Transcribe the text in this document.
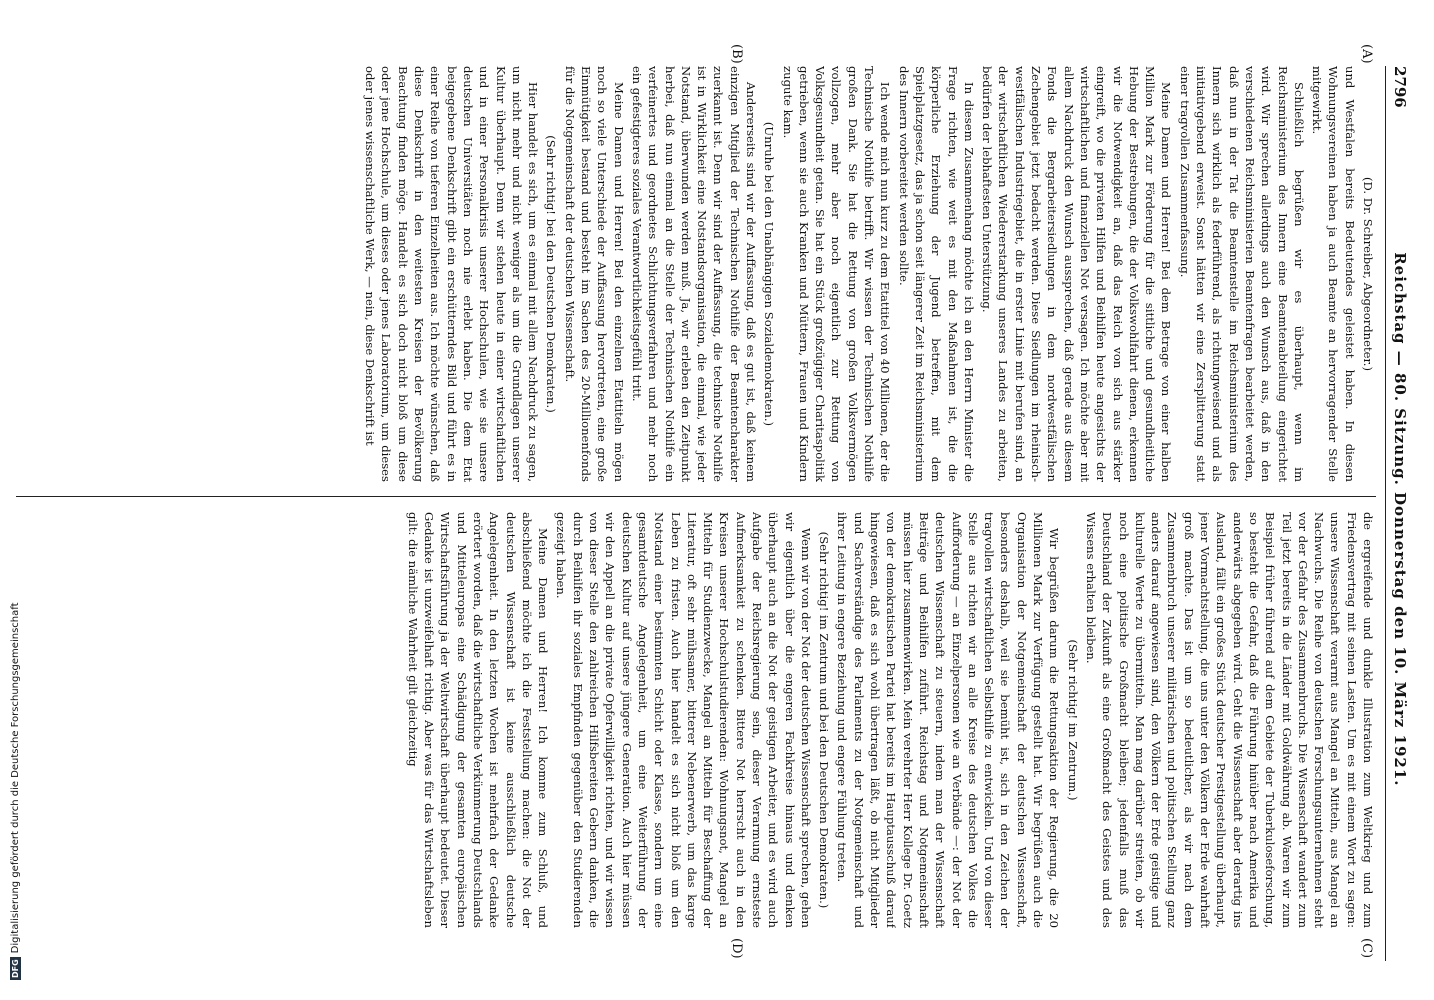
2796
Reichstag — 80. Sitzung. Donnerstag den 10. März 1921.
(A)
(B)
(C)
(D)

(D. Dr. Schreiber, Abgeordneter.)

und Westfalen bereits Bedeutendes geleistet haben. In diesen Wohnungsvereinen haben ja auch Beamte an hervorragender Stelle mitgewirkt.

Schließlich begrüßen wir es überhaupt, wenn im Reichsministerium des Innern eine Beamtenabteilung eingerichtet wird. Wir sprechen allerdings auch den Wunsch aus, daß in den verschiedenen Reichsministerien Beamtenfragen bearbeitet werden, daß nun in der Tat die Beamtenstelle im Reichsministerium des Innern sich wirklich als federführend, als richtungweisend und als initiativgebend erweist. Sonst hätten wir eine Zersplitterung statt einer tragvollen Zusammenfassung.

Meine Damen und Herren! Bei dem Betrage von einer halben Million Mark zur Förderung für die sittliche und gesundheitliche Hebung der Bestrebungen, die der Volkswohlfahrt dienen, erkennen wir die Notwendigkeit an, daß das Reich von sich aus stärker eingreift, wo die privaten Hilfen und Beihilfen heute angesichts der wirtschaftlichen und finanziellen Not versagen. Ich möchte aber mit allem Nachdruck den Wunsch aussprechen, daß gerade aus diesem Fonds die Bergarbeitersiedlungen in dem nordwestfälischen Zechengebiet jetzt bedacht werden. Diese Siedlungen im rheinisch-westfälischen Industriegebiet, die in erster Linie mit berufen sind, an der wirtschaftlichen Wiedererstarkung unseres Landes zu arbeiten, bedürfen der lebhaftesten Unterstützung.

In diesem Zusammenhang möchte ich an den Herrn Minister die Frage richten, wie weit es mit den Maßnahmen ist, die die körperliche Erziehung der Jugend betreffen, mit dem Spielplatzgesetz, das ja schon seit längerer Zeit im Reichsministerium des Innern vorbereitet werden sollte.

Ich wende mich nun kurz zu dem Etattitel von 40 Millionen, der die Technische Nothilfe betrifft. Wir wissen der Technischen Nothilfe großen Dank. Sie hat die Rettung von großen Volksvermögen vollzogen, mehr aber noch eigentlich zur Rettung von Volksgesundheit getan. Sie hat ein Stück großzügiger Charitaspolitik getrieben, wenn sie auch Kranken und Müttern, Frauen und Kindern zugute kam.

(Unruhe bei den Unabhängigen Sozialdemokraten.)

Andererseits sind wir der Auffassung, daß es gut ist, daß keinem einzigen Mitglied der Technischen Nothilfe der Beamtencharakter zuerkannt ist. Denn wir sind der Auffassung, die technische Nothilfe ist in Wirklichkeit eine Notstandsorganisation, die einmal, wie jeder Notstand, überwunden werden muß. Ja, wir erleben den Zeitpunkt herbei, daß nun einmal an die Stelle der Technischen Nothilfe ein verfeinertes und geordnetes Schlichtungsverfahren und mehr noch ein gefestigteres soziales Verantwortlichkeitsgefühl tritt.

Meine Damen und Herren! Bei den einzelnen Etattiteln mögen noch so viele Unterschiede der Auffassung hervortreten, eine große Einmütigkeit bestand und besteht im Sachen des 20-Millionenfonds für die Notgemeinschaft der deutschen Wissenschaft.

(Sehr richtig! bei den Deutschen Demokraten.)

Hier handelt es sich, um es einmal mit allem Nachdruck zu sagen, um nicht mehr und nicht weniger als um die Grundlagen unserer Kultur überhaupt. Denn wir stehen heute in einer wirtschaftlichen und in einer Personalkrisis unserer Hochschulen, wie sie unsere deutschen Universitäten noch nie erlebt haben. Die dem Etat beigegebene Denkschrift gibt ein erschütterndes Bild und führt es in einer Reihe von tieferen Einzelheiten aus. Ich möchte wünschen, daß diese Denkschrift in den weitesten Kreisen der Bevölkerung Beachtung finden möge. Handelt es sich doch nicht bloß um diese oder jene Hochschule, um dieses oder jenes Laboratorium, um dieses oder jenes wissenschaftliche Werk, — nein, diese Denkschrift ist

die ergreifende und dunkle Illustration zum Weltkrieg und zum Friedensvertrag mit seinen Lasten. Um es mit einem Wort zu sagen: unsere Wissenschaft verarmt aus Mangel an Mitteln, aus Mangel an Nachwuchs. Die Reihe von deutschen Forschungsunternehmen steht vor der Gefahr des Zusammenbruchs. Die Wissenschaft wandert zum Teil jetzt bereits in die Länder mit Goldwährung ab. Waren wir zum Beispiel früher führend auf dem Gebiete der Tuberkuloseforschung, so besteht die Gefahr, daß die Führung hinüber nach Amerika und anderwärts abgegeben wird. Geht die Wissenschaft aber derartig ins Ausland, fällt ein großes Stück deutscher Prestigestellung überhaupt, jener Vormachtstellung, die uns unter den Völkern der Erde wahrhaft groß machte. Das ist um so bedeutlicher, als wir nach dem Zusammenbruch unserer militärischen und politischen Stellung ganz anders darauf angewiesen sind, den Völkern der Erde geistige und kulturelle Werte zu übermitteln. Man mag darüber streiten, ob wir noch eine politische Großmacht bleiben; jedenfalls muß das Deutschland der Zukunft als eine Großmacht des Geistes und des Wissens erhalten bleiben.

(Sehr richtig! im Zentrum.)

Wir begrüßen darum die Rettungsaktion der Regierung, die 20 Millionen Mark zur Verfügung gestellt hat. Wir begrüßen auch die Organisation der Notgemeinschaft der deutschen Wissenschaft, besonders deshalb, weil sie bemüht ist, sich in den Zeichen der tragvollen wirtschaftlichen Selbsthilfe zu entwickeln. Und von dieser Stelle aus richten wir an alle Kreise des deutschen Volkes die Aufforderung — an Einzelpersonen wie an Verbände —: der Not der deutschen Wissenschaft zu steuern, indem man der Wissenschaft Beiträge und Beihilfen zuführt. Reichstag und Notgemeinschaft müssen hier zusammenwirken. Mein verehrter Herr Kollege Dr. Goetz von der demokratischen Partei hat bereits im Hauptausschuß darauf hingewiesen, daß es sich wohl übertragen läßt, ob nicht Mitglieder und Sachverständige des Parlaments zu der Notgemeinschaft und ihrer Leitung in engere Beziehung und engere Fühlung treten.

(Sehr richtig! im Zentrum und bei den Deutschen Demokraten.)

Wenn wir von der Not der deutschen Wissenschaft sprechen, gehen wir eigentlich über die engeren Fachkreise hinaus und denken überhaupt auch an die Not der geistigen Arbeiter, und es wird auch Aufgabe der Reichsregierung sein, dieser Verarmung ernsteste Aufmerksamkeit zu schenken. Bittere Not herrscht auch in den Kreisen unserer Hochschulstudierenden: Wohnungsnot, Mangel an Mitteln für Studienzwecke, Mangel an Mitteln für Beschaffung der Literatur, oft sehr mühsamer, bitterer Nebenerwerb, um das karge Leben zu fristen. Auch hier handelt es sich nicht bloß um den Notstand einer bestimmten Schicht oder Klasse, sondern um eine gesamtdeutsche Angelegenheit, um eine Weiterführung der deutschen Kultur auf unsere jüngere Generation. Auch hier müssen wir den Appell an die private Opferwilligkeit richten, und wir wissen von dieser Stelle den zahlreichen Hilfsbereiten Gebern danken, die durch Beihilfen ihr soziales Empfinden gegenüber den Studierenden gezeigt haben.

Meine Damen und Herren! Ich komme zum Schluß, und abschließend möchte ich die Feststellung machen: die Not der deutschen Wissenschaft ist keine ausschließlich deutsche Angelegenheit. In den letzten Wochen ist mehrfach der Gedanke erörtert worden, daß die wirtschaftliche Verkümmerung Deutschlands und Mitteleuropas eine Schädigung der gesamten europäischen Wirtschaftsführung ja der Weltwirtschaft überhaupt bedeutet. Dieser Gedanke ist unzweifelhaft richtig. Aber was für das Wirtschaftsleben gilt: die nämliche Wahrheit gilt gleichzeitig

DFGDigitalisierung gefördert durch die Deutsche Forschungsgemeinschaft
